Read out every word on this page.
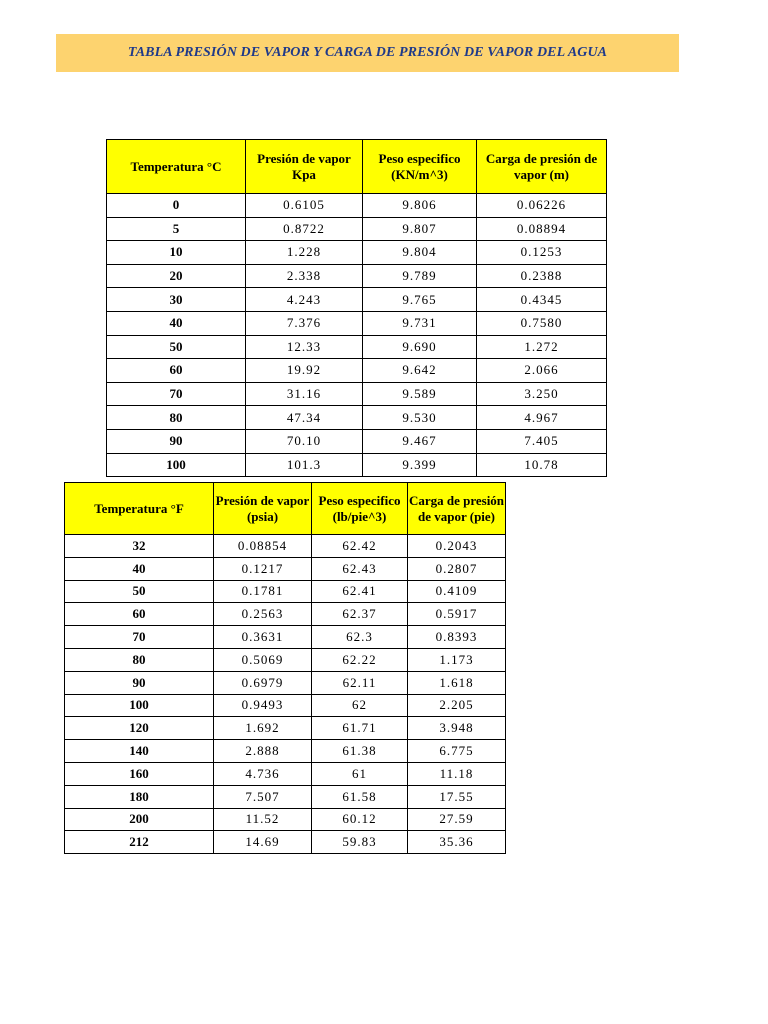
TABLA PRESIÓN DE VAPOR Y CARGA DE PRESIÓN DE VAPOR DEL AGUA
Temperatura °C	Presión de vapor Kpa	Peso especifico (KN/m^3)	Carga de presión de vapor (m)
0	0.6105	9.806	0.06226
5	0.8722	9.807	0.08894
10	1.228	9.804	0.1253
20	2.338	9.789	0.2388
30	4.243	9.765	0.4345
40	7.376	9.731	0.7580
50	12.33	9.690	1.272
60	19.92	9.642	2.066
70	31.16	9.589	3.250
80	47.34	9.530	4.967
90	70.10	9.467	7.405
100	101.3	9.399	10.78
Temperatura °F	Presión de vapor (psia)	Peso especifico (lb/pie^3)	Carga de presión de vapor (pie)
32	0.08854	62.42	0.2043
40	0.1217	62.43	0.2807
50	0.1781	62.41	0.4109
60	0.2563	62.37	0.5917
70	0.3631	62.3	0.8393
80	0.5069	62.22	1.173
90	0.6979	62.11	1.618
100	0.9493	62	2.205
120	1.692	61.71	3.948
140	2.888	61.38	6.775
160	4.736	61	11.18
180	7.507	61.58	17.55
200	11.52	60.12	27.59
212	14.69	59.83	35.36
